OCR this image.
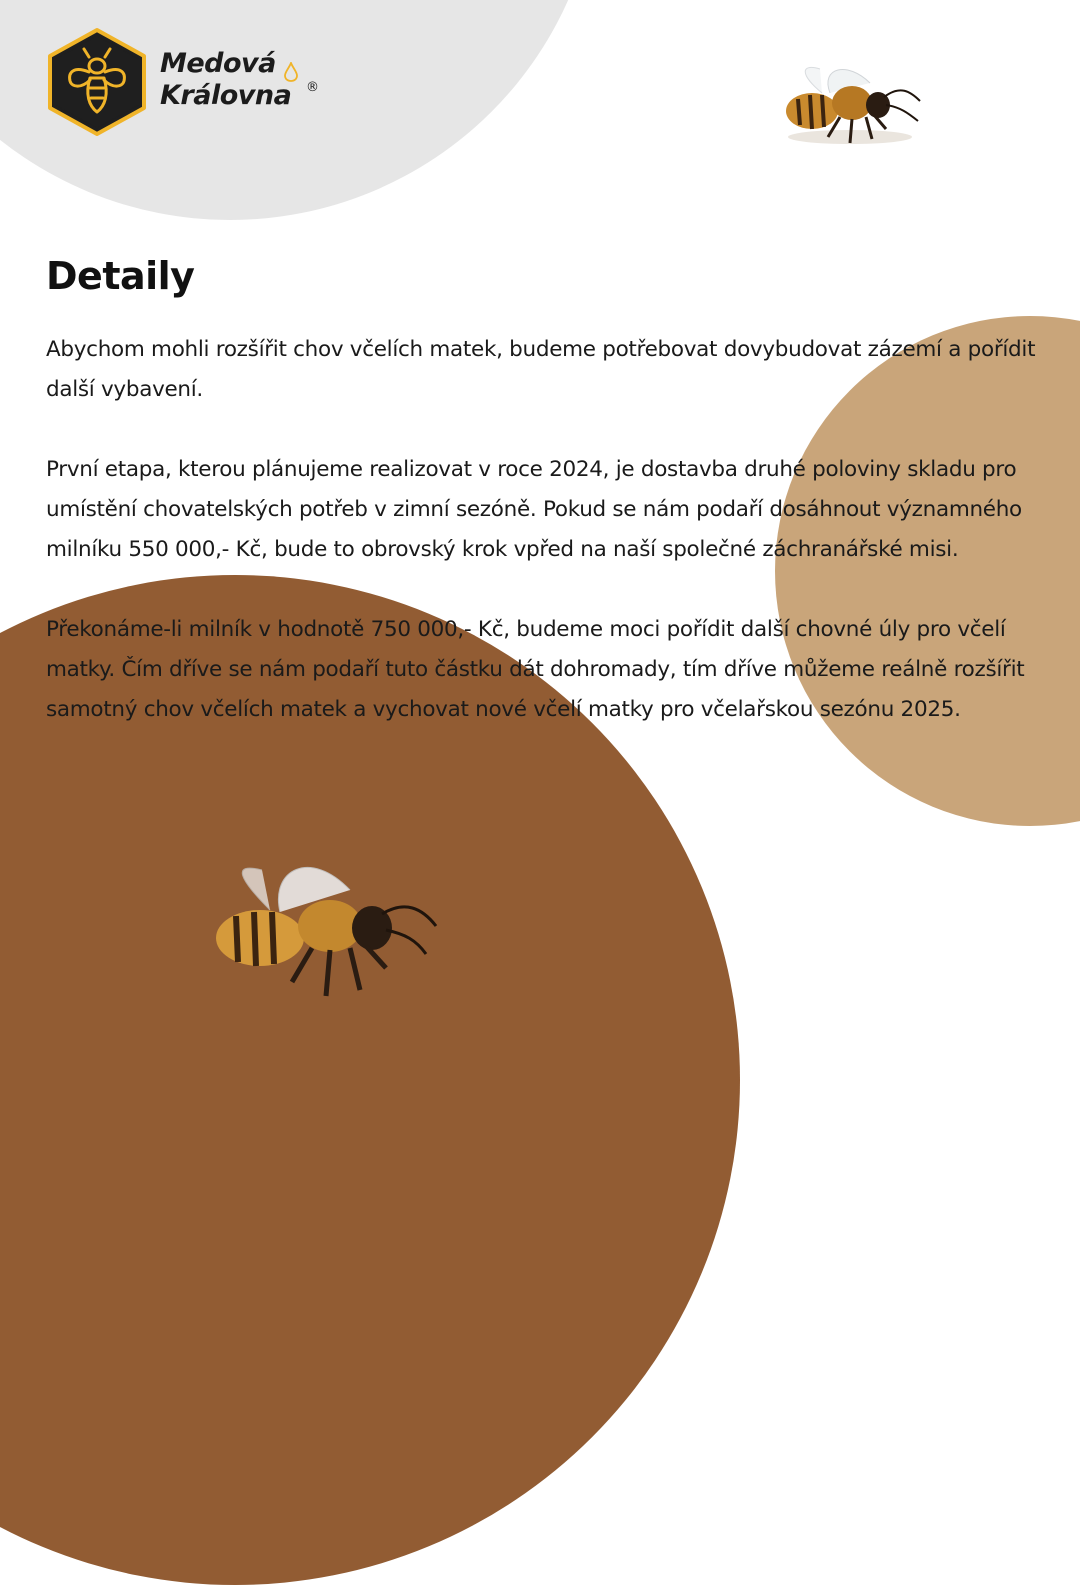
Medová
Královna ®
Detaily

Abychom mohli rozšířit chov včelích matek, budeme potřebovat dovybudovat zázemí a pořídit další vybavení.

První etapa, kterou plánujeme realizovat v roce 2024, je dostavba druhé poloviny skladu pro umístění chovatelských potřeb v zimní sezóně. Pokud se nám podaří dosáhnout významného milníku 550 000,- Kč, bude to obrovský krok vpřed na naší společné záchranářské misi.

Překonáme-li milník v hodnotě 750 000,- Kč, budeme moci pořídit další chovné úly pro včelí matky. Čím dříve se nám podaří tuto částku dát dohromady, tím dříve můžeme reálně rozšířit samotný chov včelích matek a vychovat nové včelí matky pro včelařskou sezónu 2025.
